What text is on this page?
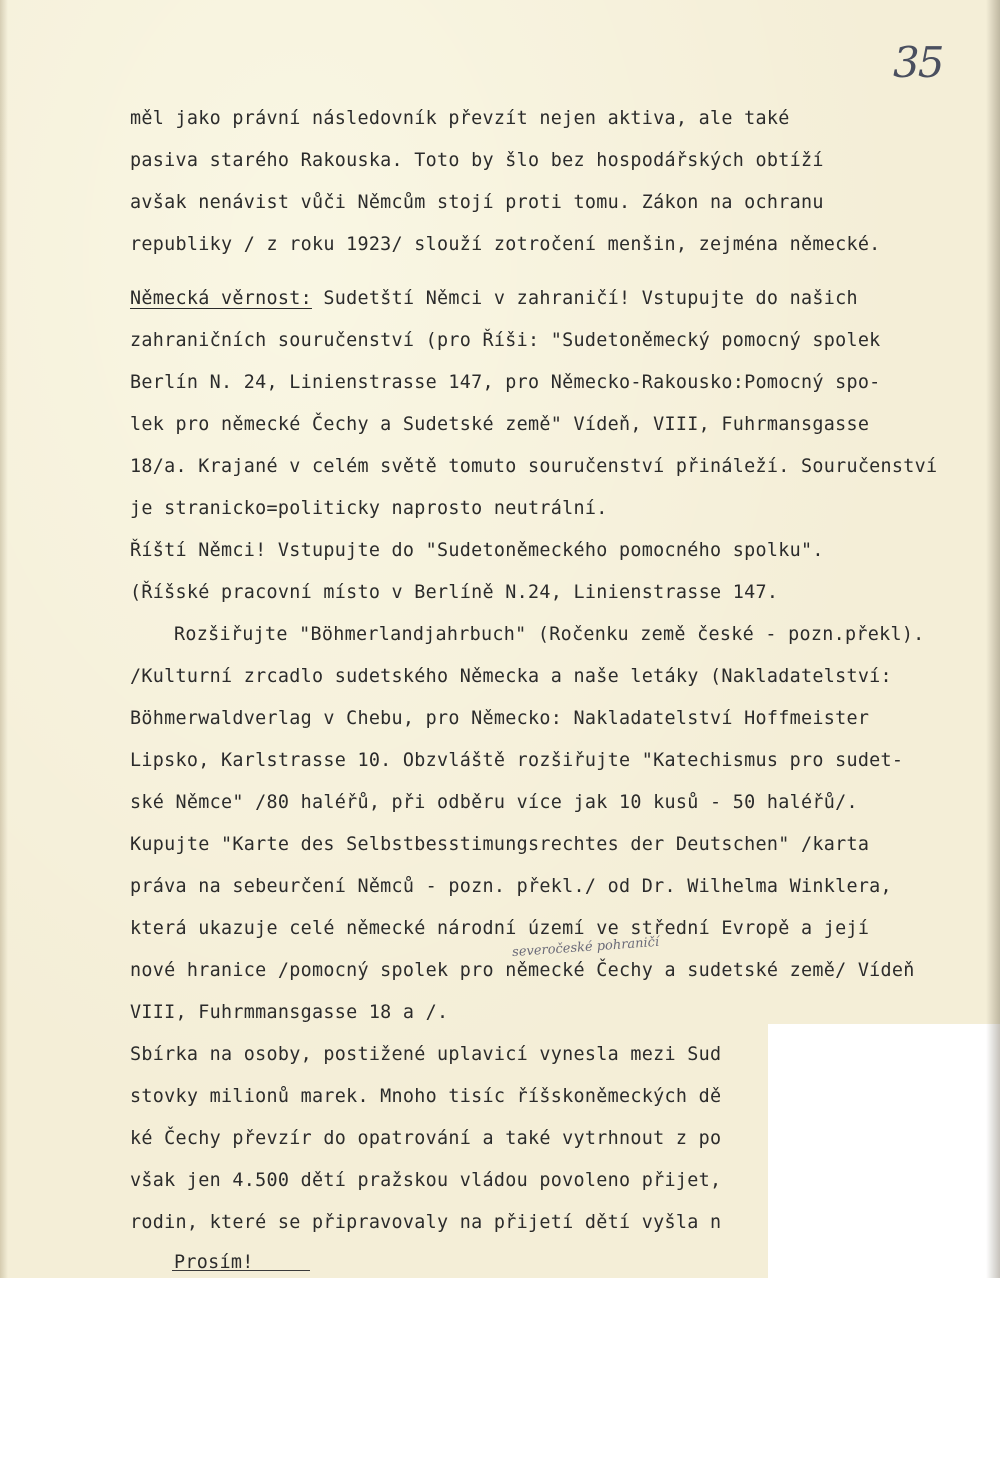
35
měl jako právní následovník převzít nejen aktiva, ale také
pasiva starého Rakouska. Toto by šlo bez hospodářských obtíží
avšak nenávist vůči Němcům stojí proti tomu. Zákon na ochranu
republiky / z roku 1923/ slouží zotročení menšin, zejména německé.
Německá věrnost: Sudetští Němci v zahraničí! Vstupujte do našich
zahraničních souručenství (pro Říši: "Sudetoněmecký pomocný spolek
Berlín N. 24, Linienstrasse 147, pro Německo-Rakousko:Pomocný spo-
lek pro německé Čechy a Sudetské země" Vídeň, VIII, Fuhrmansgasse
18/a. Krajané v celém světě tomuto souručenství přináleží. Souručenství
je stranicko=politicky naprosto neutrální.
Říští Němci! Vstupujte do "Sudetoněmeckého pomocného spolku".
(Říšské pracovní místo v Berlíně N.24, Linienstrasse 147.
Rozšiřujte "Böhmerlandjahrbuch" (Ročenku země české - pozn.překl).
/Kulturní zrcadlo sudetského Německa a naše letáky (Nakladatelství:
Böhmerwaldverlag v Chebu, pro Německo: Nakladatelství Hoffmeister
Lipsko, Karlstrasse 10. Obzvláště rozšiřujte "Katechismus pro sudet-
ské Němce" /80 haléřů, při odběru více jak 10 kusů - 50 haléřů/.
Kupujte "Karte des Selbstbesstimungsrechtes der Deutschen" /karta
práva na sebeurčení Němců - pozn. překl./ od Dr. Wilhelma Winklera,
která ukazuje celé německé národní území ve střední Evropě a její
severočeské pohraničí
nové hranice /pomocný spolek pro německé Čechy a sudetské země/ Vídeň
VIII, Fuhrmmansgasse 18 a /.
Sbírka na osoby, postižené uplavicí vynesla mezi Sud
stovky milionů marek. Mnoho tisíc říšskoněmeckých dě
ké Čechy převzír do opatrování a také vytrhnout z po
však jen 4.500 dětí pražskou vládou povoleno přijet,
rodin, které se připravovaly na přijetí dětí vyšla n
Prosím!
